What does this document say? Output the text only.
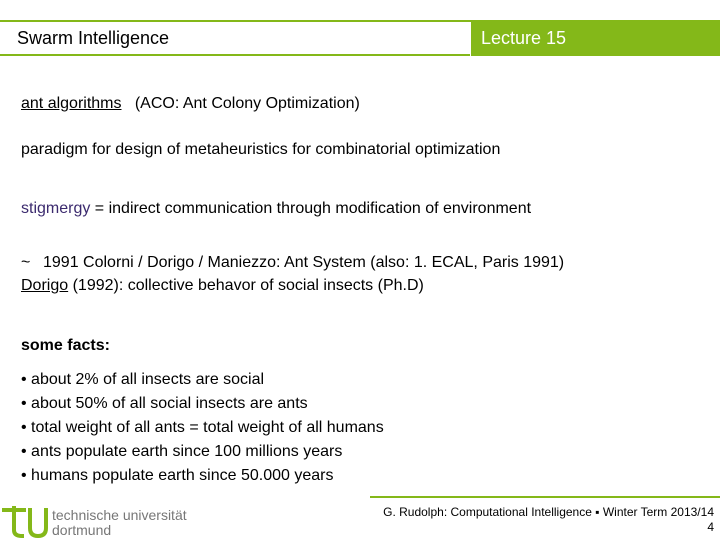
Swarm Intelligence	Lecture 15
ant algorithms (ACO: Ant Colony Optimization)
paradigm for design of metaheuristics for combinatorial optimization
stigmergy = indirect communication through modification of environment
~ 1991 Colorni / Dorigo / Maniezzo: Ant System (also: 1. ECAL, Paris 1991)
Dorigo (1992): collective behavor of social insects (Ph.D)
some facts:
• about 2% of all insects are social
• about 50% of all social insects are ants
• total weight of all ants = total weight of all humans
• ants populate earth since 100 millions years
• humans populate earth since 50.000 years
G. Rudolph: Computational Intelligence ▪ Winter Term 2013/14
4
technische universität
dortmund
